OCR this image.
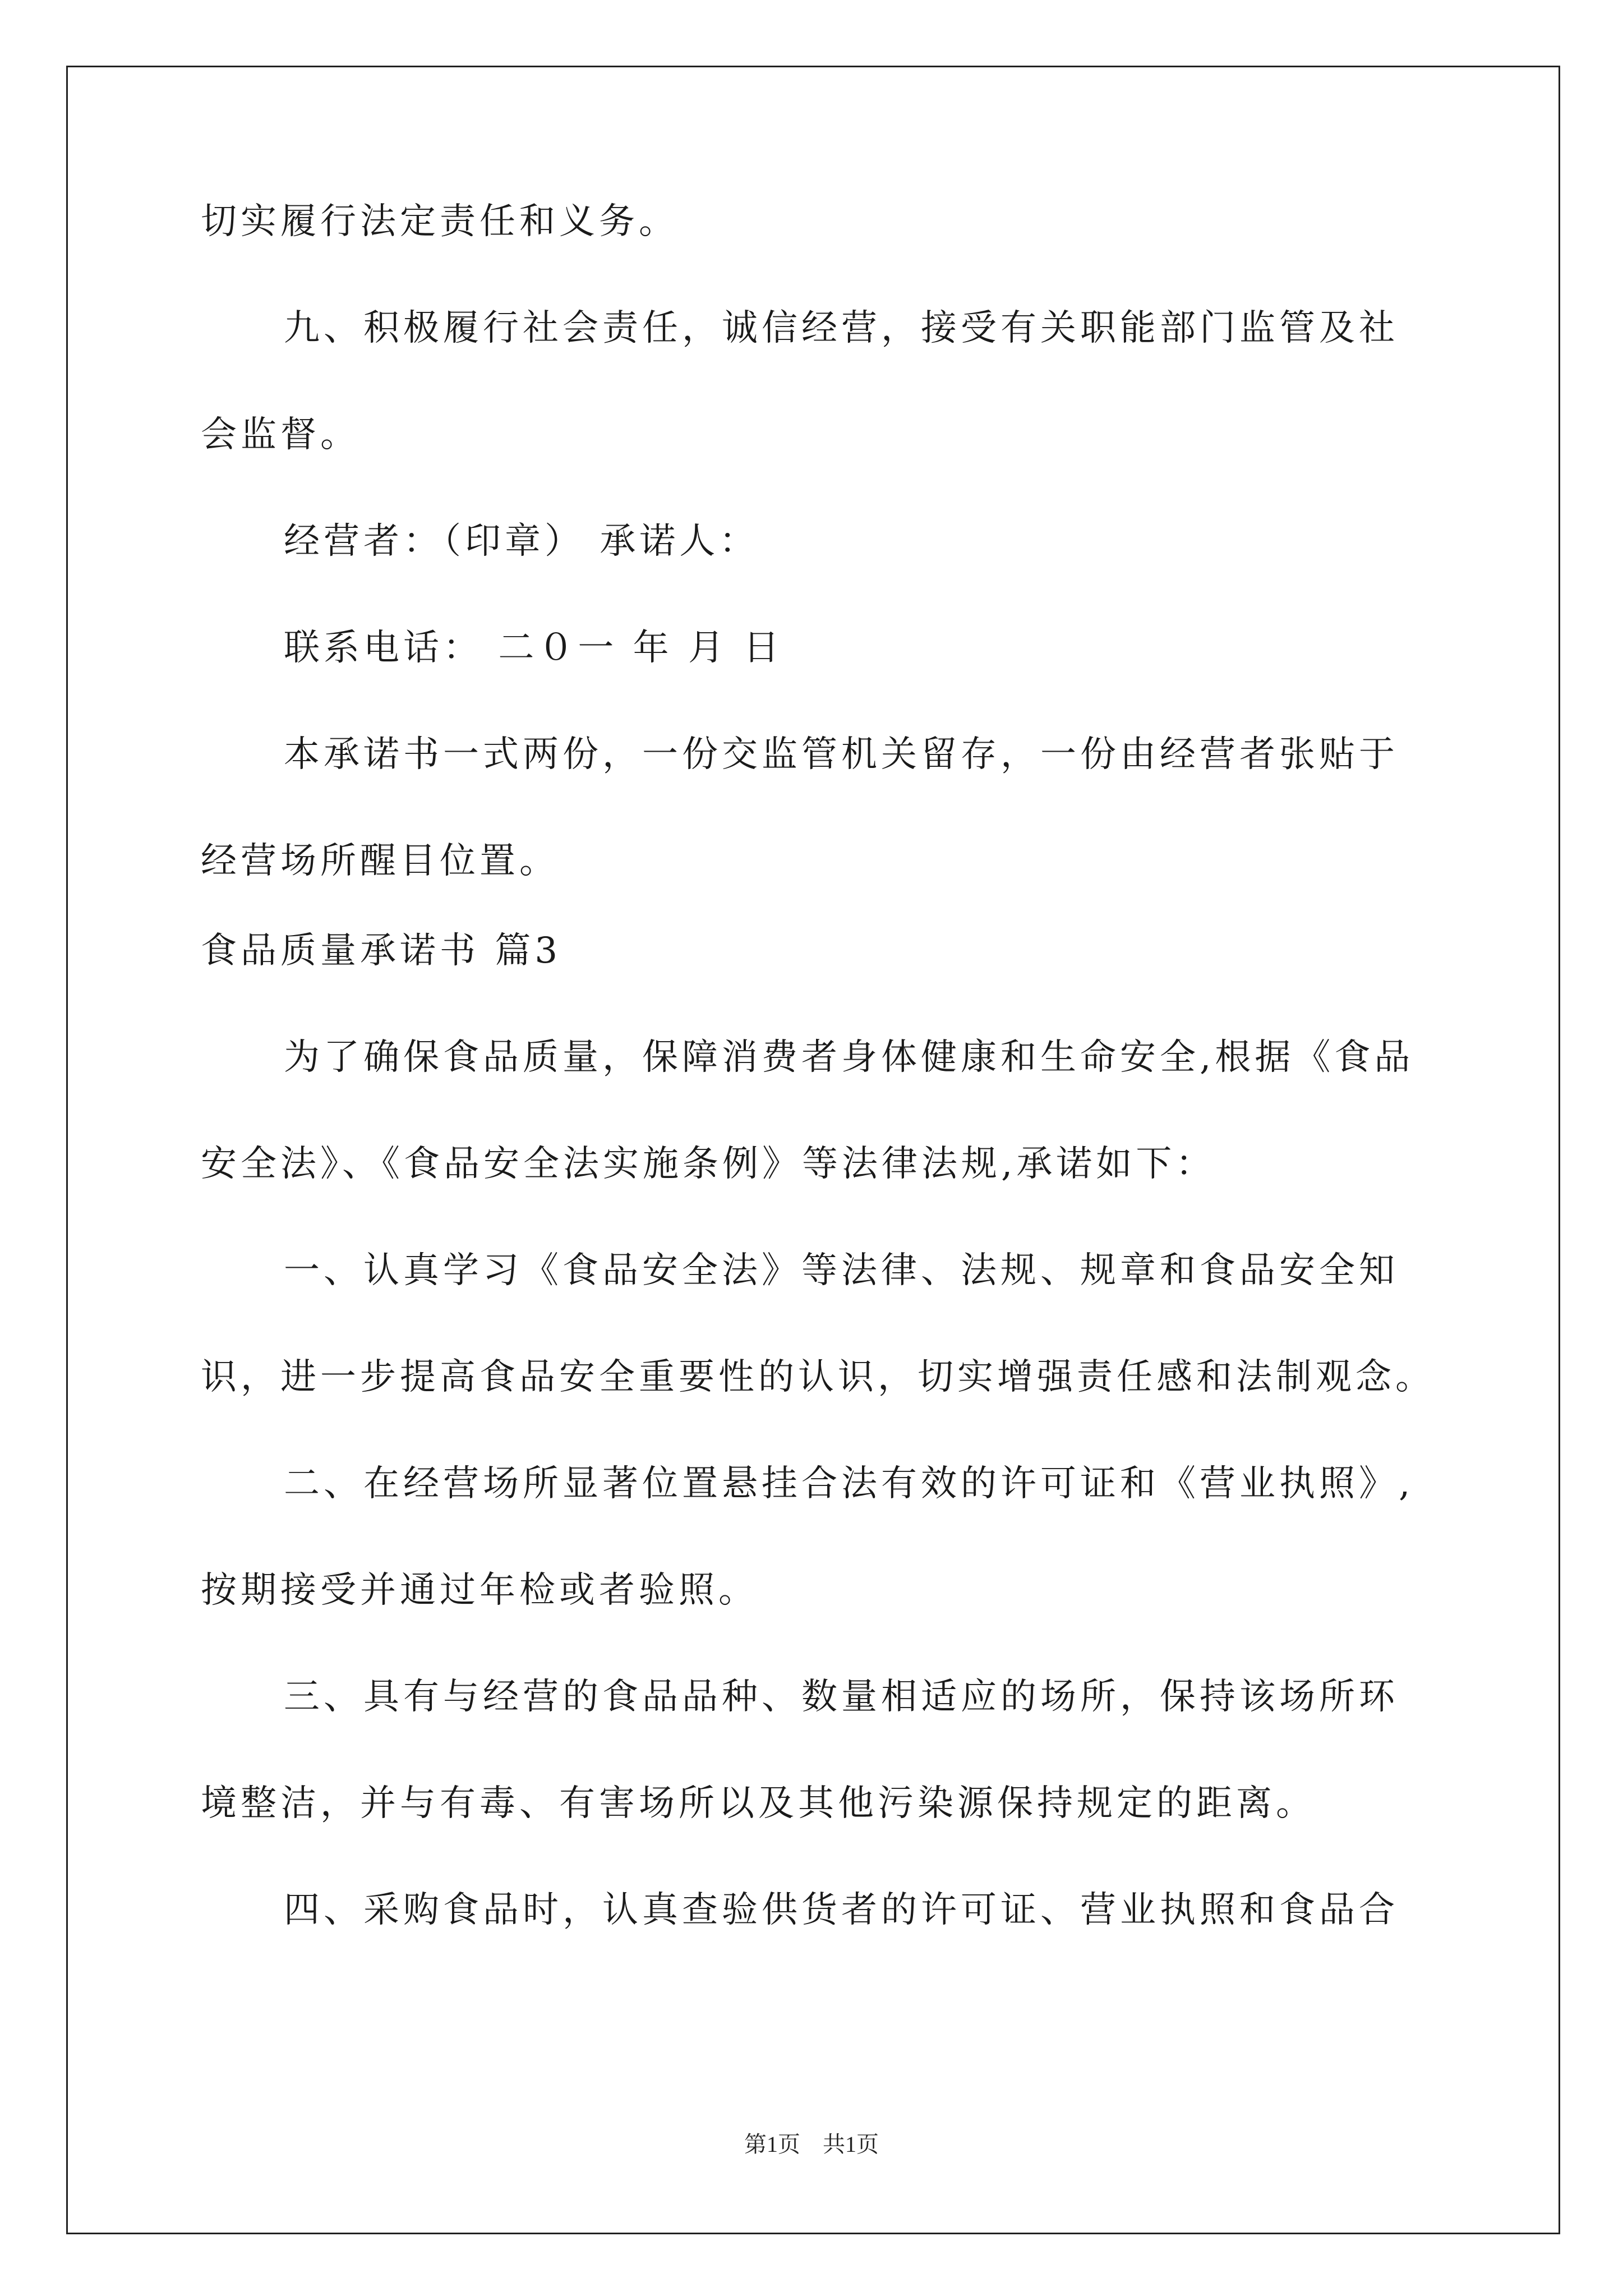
切实履行法定责任和义务。
九、积极履行社会责任，诚信经营，接受有关职能部门监管及社
会监督。
经营者：（印章） 承诺人：
联系电话： 二０一 年 月 日
本承诺书一式两份，一份交监管机关留存，一份由经营者张贴于
经营场所醒目位置。
食品质量承诺书 篇3
为了确保食品质量，保障消费者身体健康和生命安全,根据《食品
安全法》、《食品安全法实施条例》等法律法规,承诺如下：
一、认真学习《食品安全法》等法律、法规、规章和食品安全知
识，进一步提高食品安全重要性的认识，切实增强责任感和法制观念。
二、在经营场所显著位置悬挂合法有效的许可证和《营业执照》,
按期接受并通过年检或者验照。
三、具有与经营的食品品种、数量相适应的场所，保持该场所环
境整洁，并与有毒、有害场所以及其他污染源保持规定的距离。
四、采购食品时，认真查验供货者的许可证、营业执照和食品合
第1页 共1页
